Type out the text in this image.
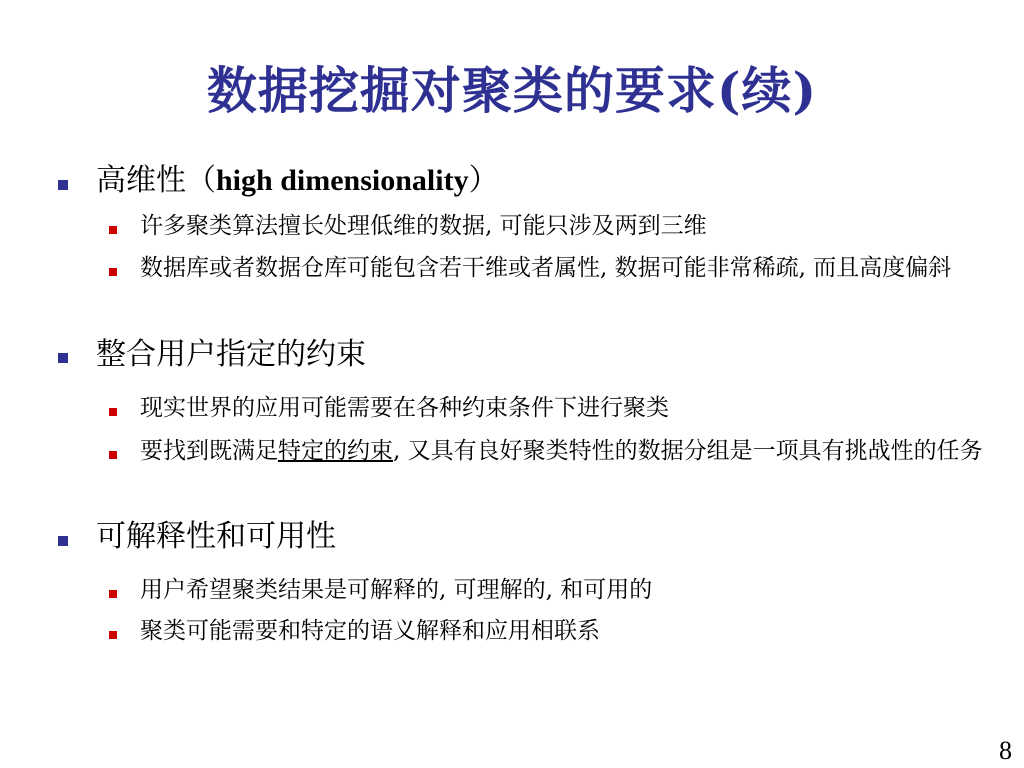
数据挖掘对聚类的要求(续)
高维性（high dimensionality）
许多聚类算法擅长处理低维的数据, 可能只涉及两到三维
数据库或者数据仓库可能包含若干维或者属性, 数据可能非常稀疏, 而且高度偏斜
整合用户指定的约束
现实世界的应用可能需要在各种约束条件下进行聚类
要找到既满足特定的约束, 又具有良好聚类特性的数据分组是一项具有挑战性的任务
可解释性和可用性
用户希望聚类结果是可解释的, 可理解的, 和可用的
聚类可能需要和特定的语义解释和应用相联系
8
